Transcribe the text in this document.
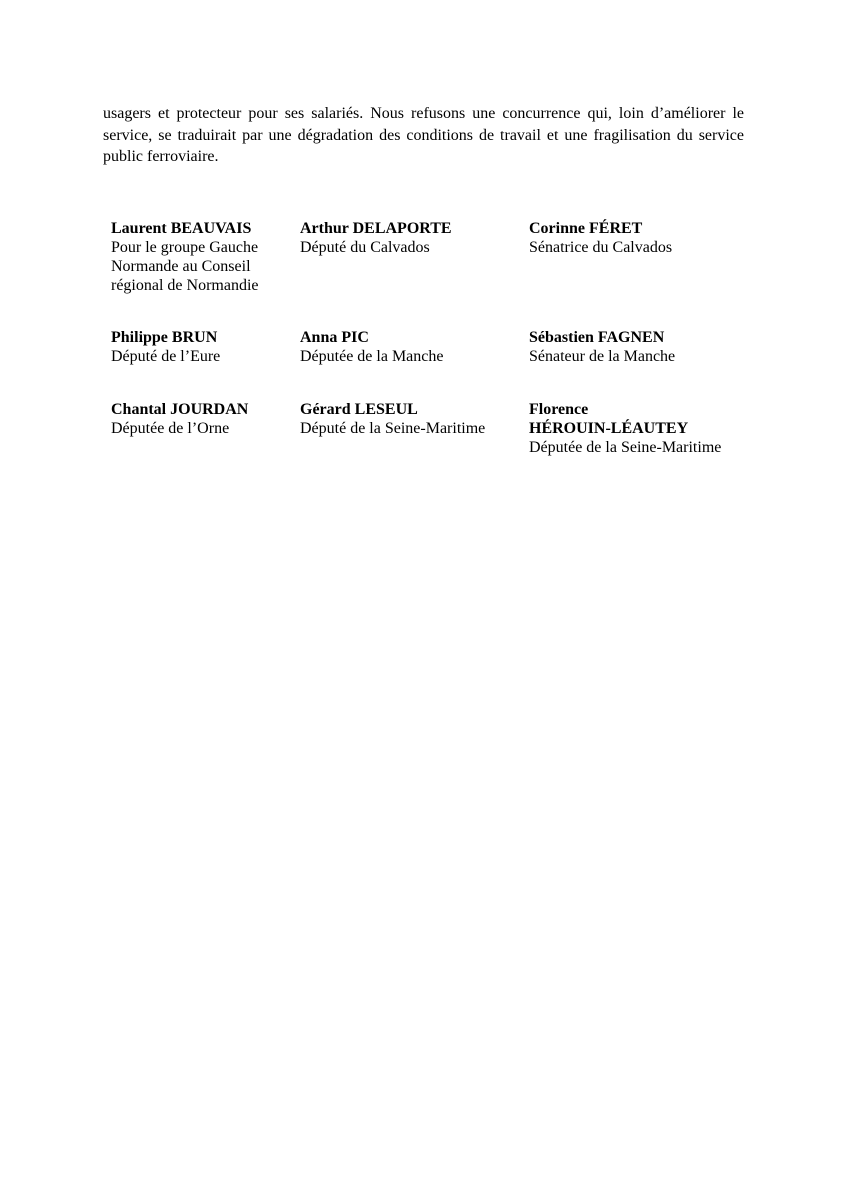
usagers et protecteur pour ses salariés. Nous refusons une concurrence qui, loin d’améliorer le service, se traduirait par une dégradation des conditions de travail et une fragilisation du service public ferroviaire.

Laurent BEAUVAIS
Pour le groupe Gauche
Normande au Conseil
régional de Normandie
Arthur DELAPORTE
Député du Calvados
Corinne FÉRET
Sénatrice du Calvados
Philippe BRUN
Député de l’Eure
Anna PIC
Députée de la Manche
Sébastien FAGNEN
Sénateur de la Manche
Chantal JOURDAN
Députée de l’Orne
Gérard LESEUL
Député de la Seine-Maritime
Florence
HÉROUIN-LÉAUTEY
Députée de la Seine-Maritime
